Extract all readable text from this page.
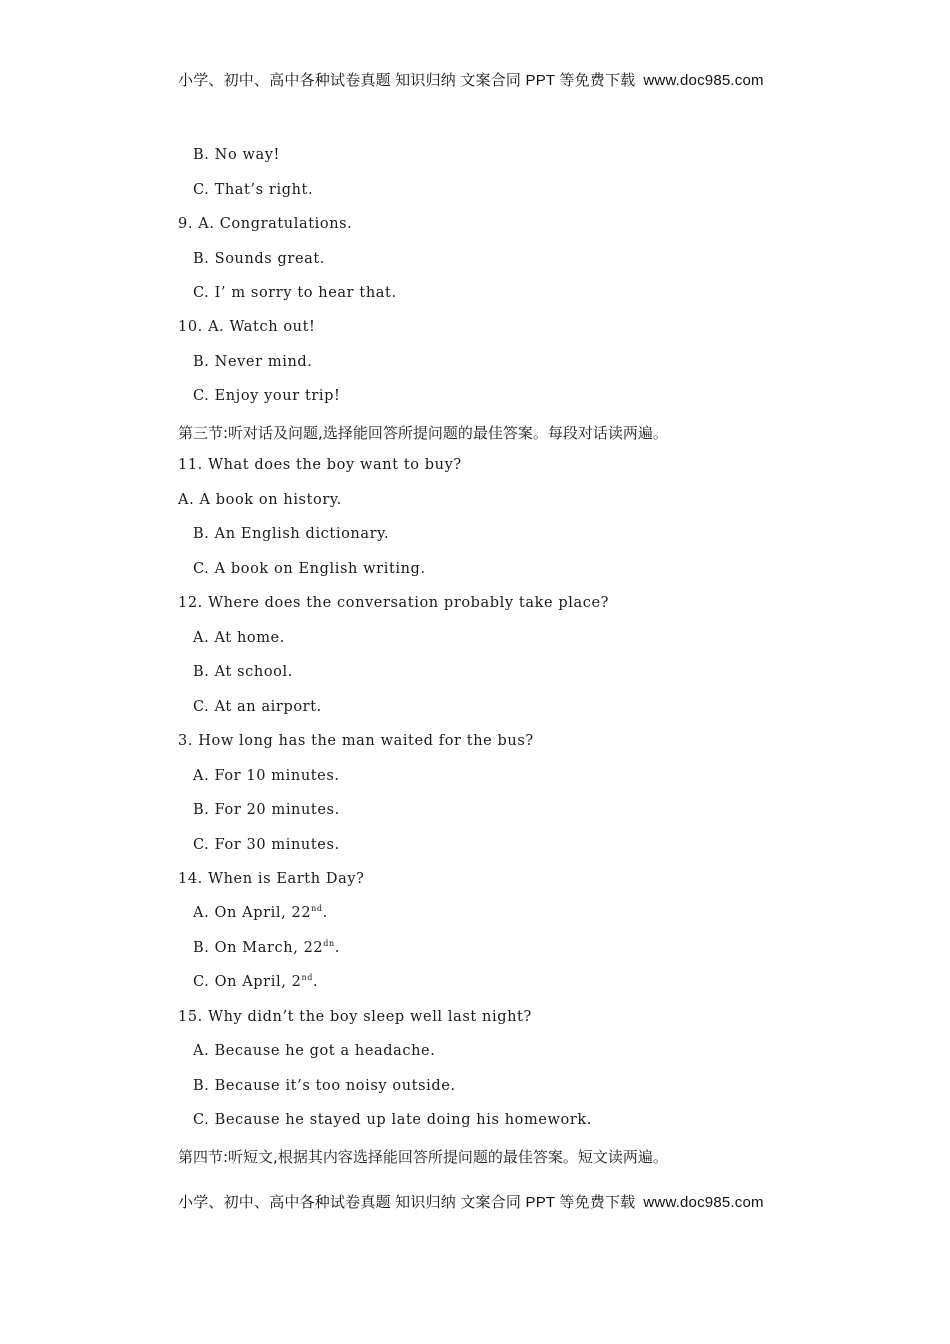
小学、初中、高中各种试卷真题 知识归纳 文案合同 PPT 等免费下载 www.doc985.com
B. No way!
C. That’s right.
9. A. Congratulations.
B. Sounds great.
C. I’ m sorry to hear that.
10. A. Watch out!
B. Never mind.
C. Enjoy your trip!
第三节:听对话及问题,选择能回答所提问题的最佳答案。每段对话读两遍。
11. What does the boy want to buy?
A. A book on history.
B. An English dictionary.
C. A book on English writing.
12. Where does the conversation probably take place?
A. At home.
B. At school.
C. At an airport.
3. How long has the man waited for the bus?
A. For 10 minutes.
B. For 20 minutes.
C. For 30 minutes.
14. When is Earth Day?
A. On April, 22nd.
B. On March, $22^{dn}$.
C. On April, 2nd.
15. Why didn’t the boy sleep well last night?
A. Because he got a headache.
B. Because it’s too noisy outside.
C. Because he stayed up late doing his homework.
第四节:听短文,根据其内容选择能回答所提问题的最佳答案。短文读两遍。
小学、初中、高中各种试卷真题 知识归纳 文案合同 PPT 等免费下载 www.doc985.com
